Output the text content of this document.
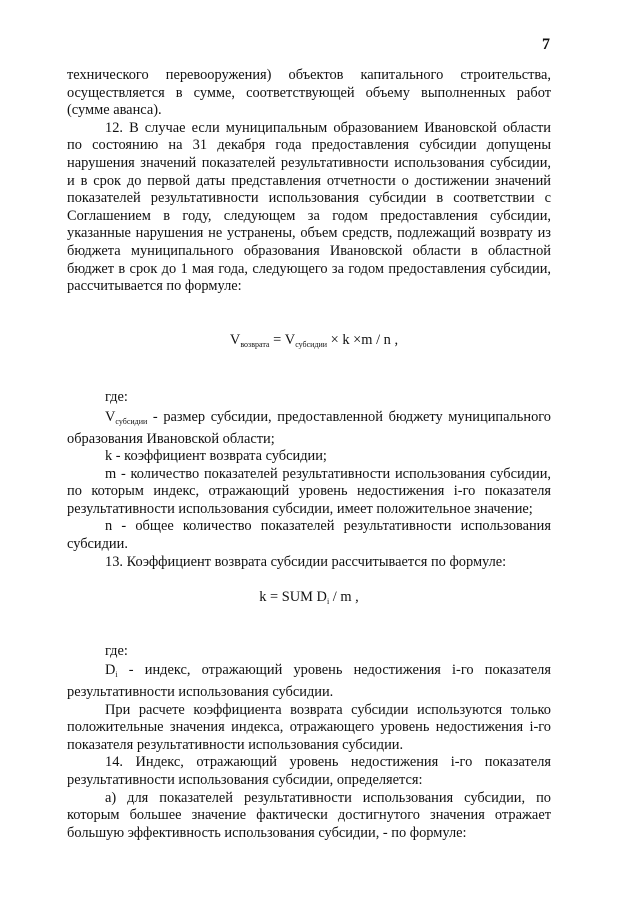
7

технического перевооружения) объектов капитального строительства, осуществляется в сумме, соответствующей объему выполненных работ (сумме аванса).

12. В случае если муниципальным образованием Ивановской области по состоянию на 31 декабря года предоставления субсидии допущены нарушения значений показателей результативности использования субсидии, и в срок до первой даты представления отчетности о достижении значений показателей результативности использования субсидии в соответствии с Соглашением в году, следующем за годом предоставления субсидии, указанные нарушения не устранены, объем средств, подлежащий возврату из бюджета муниципального образования Ивановской области в областной бюджет в срок до 1 мая года, следующего за годом предоставления субсидии, рассчитывается по формуле:

$V_{возврата} = V_{субсидии} \times k \times m / n$ ,

где:

$V_{субсидии}$ - размер субсидии, предоставленной бюджету муниципального образования Ивановской области;

k - коэффициент возврата субсидии;

m - количество показателей результативности использования субсидии, по которым индекс, отражающий уровень недостижения i-го показателя результативности использования субсидии, имеет положительное значение;

n - общее количество показателей результативности использования субсидии.

13. Коэффициент возврата субсидии рассчитывается по формуле:

k = SUM $D_i$ / m ,

где:

$D_i$ - индекс, отражающий уровень недостижения i-го показателя результативности использования субсидии.

При расчете коэффициента возврата субсидии используются только положительные значения индекса, отражающего уровень недостижения i-го показателя результативности использования субсидии.

14. Индекс, отражающий уровень недостижения i-го показателя результативности использования субсидии, определяется:

а) для показателей результативности использования субсидии, по которым большее значение фактически достигнутого значения отражает большую эффективность использования субсидии, - по формуле:
